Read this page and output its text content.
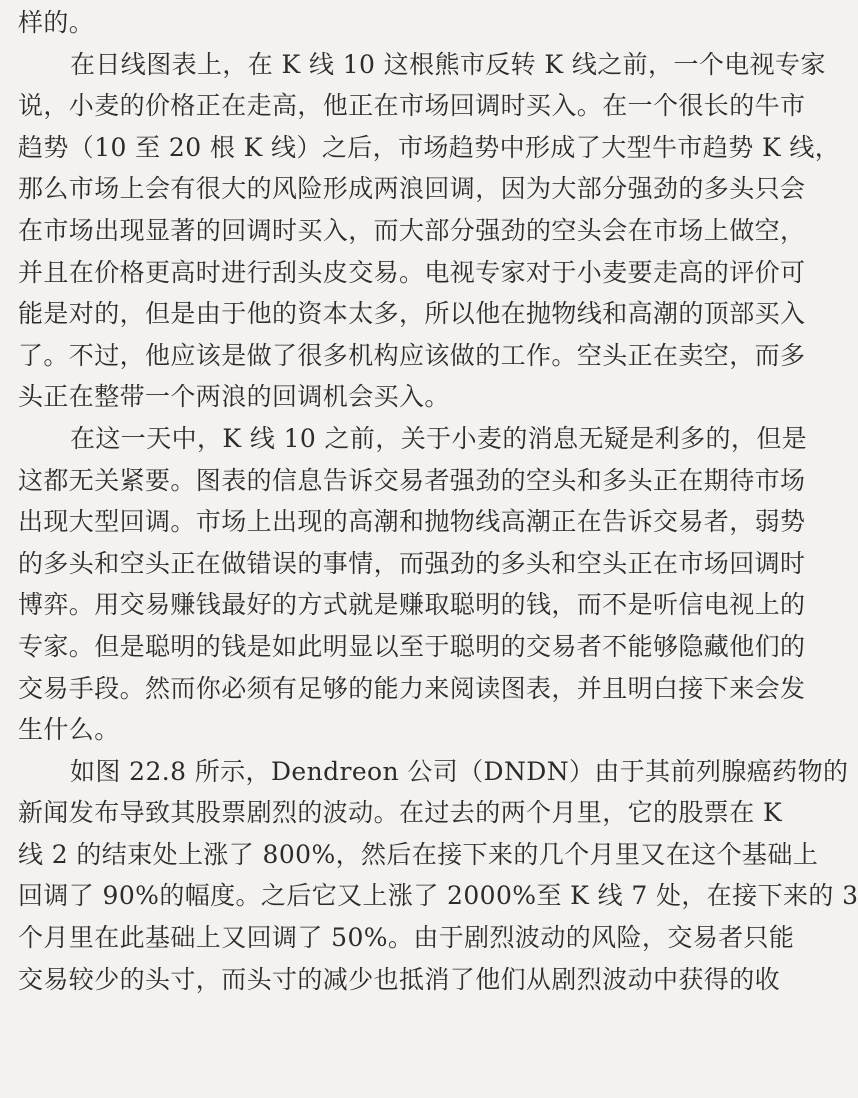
样的。
在日线图表上，在 K 线 10 这根熊市反转 K 线之前，一个电视专家
说，小麦的价格正在走高，他正在市场回调时买入。在一个很长的牛市
趋势（10 至 20 根 K 线）之后，市场趋势中形成了大型牛市趋势 K 线，
那么市场上会有很大的风险形成两浪回调，因为大部分强劲的多头只会
在市场出现显著的回调时买入，而大部分强劲的空头会在市场上做空，
并且在价格更高时进行刮头皮交易。电视专家对于小麦要走高的评价可
能是对的，但是由于他的资本太多，所以他在抛物线和高潮的顶部买入
了。不过，他应该是做了很多机构应该做的工作。空头正在卖空，而多
头正在整带一个两浪的回调机会买入。
在这一天中，K 线 10 之前，关于小麦的消息无疑是利多的，但是
这都无关紧要。图表的信息告诉交易者强劲的空头和多头正在期待市场
出现大型回调。市场上出现的高潮和抛物线高潮正在告诉交易者，弱势
的多头和空头正在做错误的事情，而强劲的多头和空头正在市场回调时
博弈。用交易赚钱最好的方式就是赚取聪明的钱，而不是听信电视上的
专家。但是聪明的钱是如此明显以至于聪明的交易者不能够隐藏他们的
交易手段。然而你必须有足够的能力来阅读图表，并且明白接下来会发
生什么。
如图 22.8 所示，Dendreon 公司（DNDN）由于其前列腺癌药物的
新闻发布导致其股票剧烈的波动。在过去的两个月里，它的股票在 K
线 2 的结束处上涨了 800%，然后在接下来的几个月里又在这个基础上
回调了 90%的幅度。之后它又上涨了 2000%至 K 线 7 处，在接下来的 3
个月里在此基础上又回调了 50%。由于剧烈波动的风险，交易者只能
交易较少的头寸，而头寸的减少也抵消了他们从剧烈波动中获得的收
